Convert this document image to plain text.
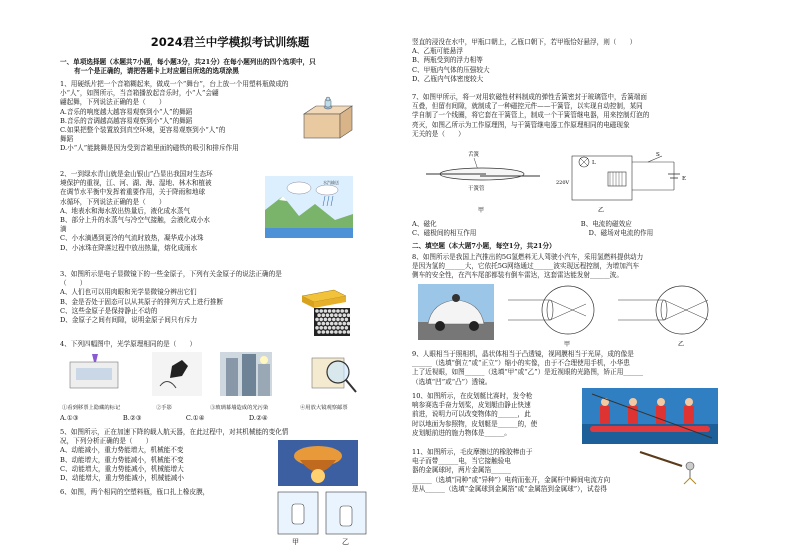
2024君兰中学模拟考试训练题
一、单项选择题（本题共7小题，每小题3分，共21分）在每小题列出的四个选项中，只
有一个是正确的，请把答题卡上对应题目所选的选项涂黑
1、用硬纸片把一个音箱糊起来，做成一个“舞台”，台上放一个用塑料瓶做成的
小“人”，如图所示，当音箱播放起音乐时，小“人”会翩
翩起舞，下列说法正确的是（　　）
A.音乐的响度越大越容易观察到小“人”的舞蹈
B.音乐的音调越高越容易观察到小“人”的舞蹈
C.如果把整个装置放到真空环境，更容易观察到小“人”的
舞蹈
D.小“人”能跳舞是因为受到音箱里面的磁铁的吸引和排斥作用
2、一到绿水青山就是金山银山”凸显出我国对生态环
境保护的重视，江、河、湖、海、湿地、林木和植被
在调节水平衡中发挥着重要作用，关于降雨和地球
水循环，下列说法正确的是（　　）
A、地表水和海水放出热量后，液化成水蒸气
B、部分上升的水蒸气与冷空气接触，会液化成小水
滴
C、小水滴遇到更冷的气流时放热，凝华成小冰珠
D、小冰珠在降落过程中放出热量，熔化成雨水
水汽输送
3、如图所示是电子显微镜下的一些金原子，下列有关金原子的说法正确的是
（　　）
A、人们也可以用肉眼和光学显微镜分辨出它们
B、金是否处于固态可以从其原子的排列方式上进行推断
C、这些金原子是保持静止不动的
D、金原子之间有间隙，说明金原子间只有斥力
4、下列四幅图中，光学原理相同的是（　　）
①看到移票上隐藏的标记	②手影	③玻璃幕墙造成的光污染	④用放大镜观察邮票
A.①③	B.②③	C.①④	D.②④
5、如图所示，正在加速下降的载人航天器，在此过程中，对其机械能的变化情
况，下列分析正确的是（　　）
A、动能减小，重力势能增大，机械能不变
B、动能增大，重力势能减小，机械能不变
C、动能增大，重力势能减小，机械能增大
D、动能增大，重力势能减小，机械能减小
6、如图，两个相同的空塑料瓶，瓶口扎上橡皮膜，
甲	乙
竖直的浸没在水中，甲瓶口朝上，乙瓶口朝下，若甲瓶恰好悬浮，则（　　）
A、乙瓶可能悬浮
B、两瓶受到的浮力相等
C、甲瓶内气体的压强较大
D、乙瓶内气体密度较大
7、如图甲所示，将一对用软磁性材料制成的弹性舌簧密封于玻璃管中，舌簧端面
互叠，但留有间隙，就制成了一种磁控元件——干簧管，以实现自动控制，某同
学自制了一个线圈，将它套在干簧管上，制成一个干簧管继电器，用来控制灯泡的
亮灭，如图乙所示为工作原理图，与干簧管继电器工作原理相同的电磁现象
无关的是（　　）
舌簧
干簧管
甲
L
220V
S
E
乙
A、磁化	B、电流的磁效应
C、磁极间的相互作用	D、磁场对电流的作用
二、填空题（本大题7小题，每空1分，共21分）
8、如图所示是我国上汽推出的5G氢燃料无人驾驶小汽车，采用氢燃料提供动力
是因为氢的______大，它依托5G网络通过______波实现远程控制，为增加汽车
侧车的安全性，在汽车尾部都装有倒车雷达，这套雷达能发射______波。
甲	乙
9、人眼相当于照相机，晶状体相当于凸透镜，视网膜相当于光屏，成的像是
______（选填“倒立”或“正立”）缩小的实像，由于不合理使用手机，小华患
上了近视眼，如图______（选填“甲”或“乙”）是近视眼的光路图，矫正用______
（选填“凹”或“凸”）透镜。
10、如图所示，在皮划艇比赛时，发令枪
响参赛选手奋力划桨，皮划艇由静止快速
前进，说明力可以改变物体的______，此
时以地面为参照物，皮划艇是______的，使
皮划艇前进的施力物体是______。
11、如图所示，毛皮摩擦过的橡胶棒由于
电子而带______电，当它接触验电
器的金属球时，两片金属箔______
______（选填“同种”或“异种”）电荷而张开，金属杆中瞬间电流方向
是从______（选填“金属球到金属箔”或“金属箔到金属球”），试卷得
